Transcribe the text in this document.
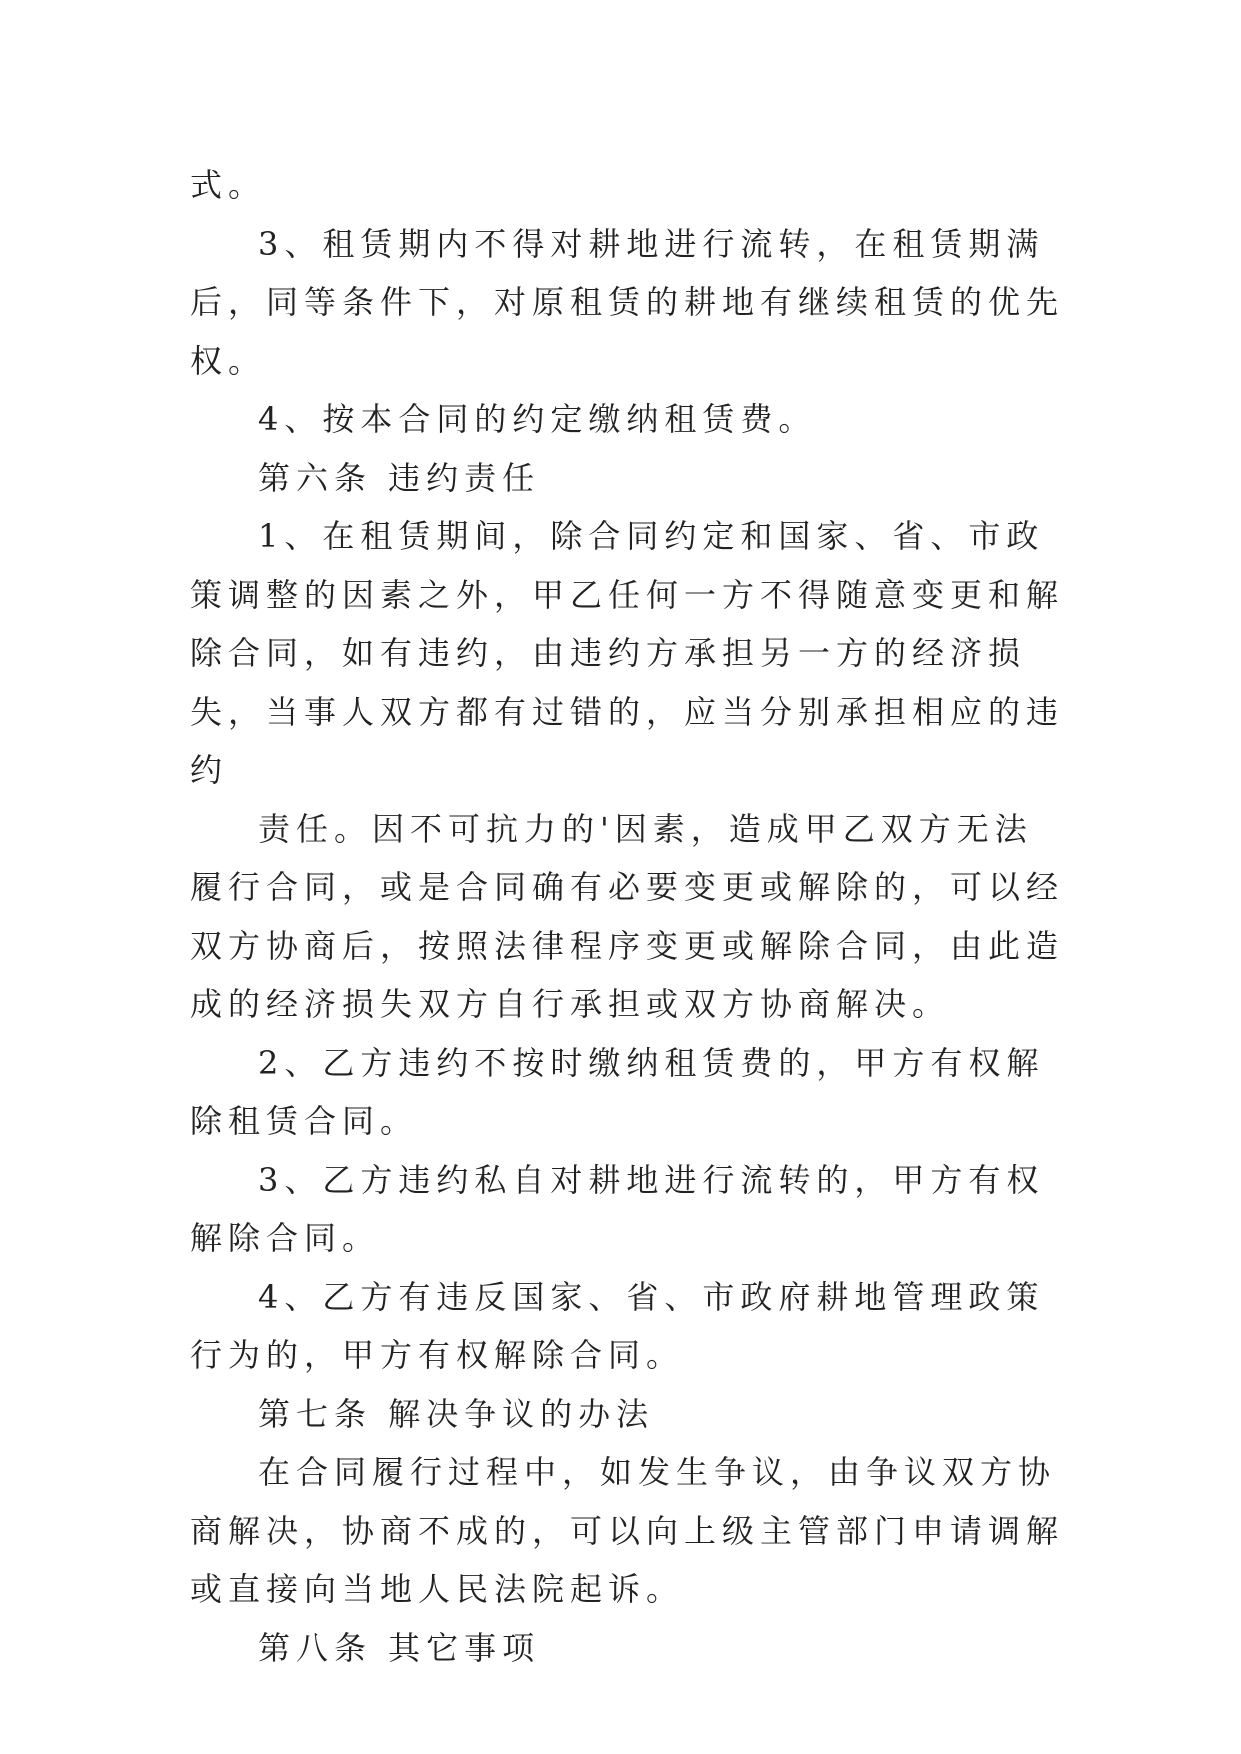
式。

3、租赁期内不得对耕地进行流转，在租赁期满后，同等条件下，对原租赁的耕地有继续租赁的优先权。

4、按本合同的约定缴纳租赁费。

第六条 违约责任

1、在租赁期间，除合同约定和国家、省、市政策调整的因素之外，甲乙任何一方不得随意变更和解除合同，如有违约，由违约方承担另一方的经济损失，当事人双方都有过错的，应当分别承担相应的违约

责任。因不可抗力的'因素，造成甲乙双方无法履行合同，或是合同确有必要变更或解除的，可以经双方协商后，按照法律程序变更或解除合同，由此造成的经济损失双方自行承担或双方协商解决。

2、乙方违约不按时缴纳租赁费的，甲方有权解除租赁合同。

3、乙方违约私自对耕地进行流转的，甲方有权解除合同。

4、乙方有违反国家、省、市政府耕地管理政策行为的，甲方有权解除合同。

第七条 解决争议的办法

在合同履行过程中，如发生争议，由争议双方协商解决，协商不成的，可以向上级主管部门申请调解或直接向当地人民法院起诉。

第八条 其它事项
